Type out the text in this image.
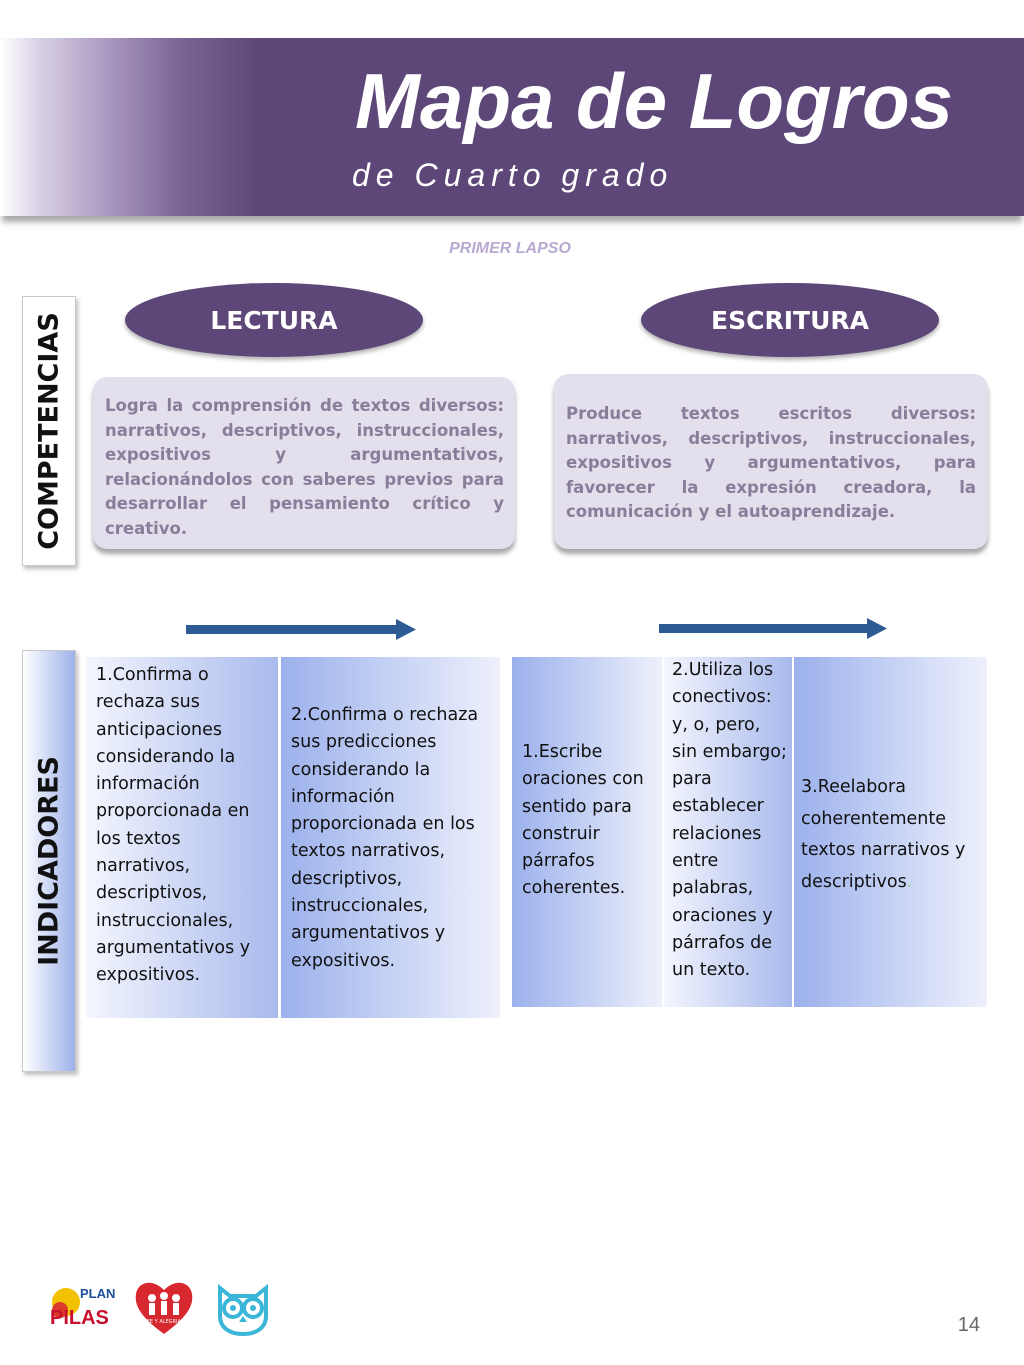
Mapa de Logros
de Cuarto grado
PRIMER LAPSO
COMPETENCIAS
INDICADORES
LECTURA	ESCRITURA
Logra la comprensión de textos diversos: narrativos, descriptivos, instruccionales, expositivos y argumentativos, relacionándolos con saberes previos para desarrollar el pensamiento crítico y creativo.
Produce textos escritos diversos: narrativos, descriptivos, instruccionales, expositivos y argumentativos, para favorecer la expresión creadora, la comunicación y el autoaprendizaje.
1.Confirma o rechaza sus anticipaciones considerando la información proporcionada en los textos narrativos, descriptivos, instruccionales, argumentativos y expositivos.
2.Confirma o rechaza sus predicciones considerando la información proporcionada en los textos narrativos, descriptivos, instruccionales, argumentativos y expositivos.
1.Escribe oraciones con sentido para construir párrafos coherentes.
2.Utiliza los conectivos: y, o, pero, sin embargo; para establecer relaciones entre palabras, oraciones y párrafos de un texto.
3.Reelabora coherentemente textos narrativos y descriptivos.
PLAN
PILAS	FE Y ALEGRIA	14
